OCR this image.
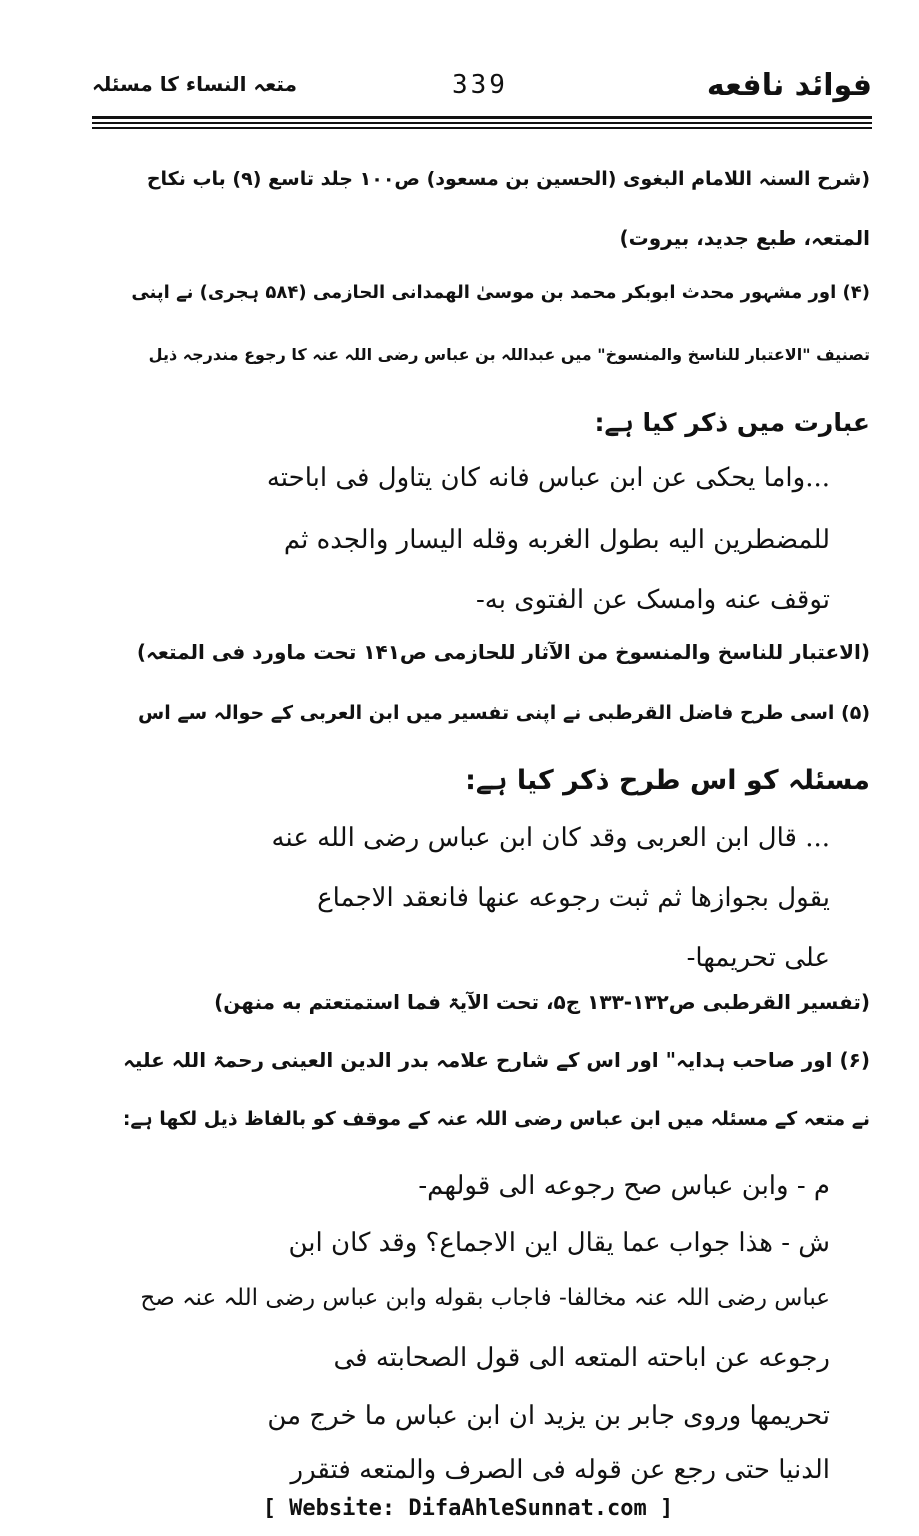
فوائد نافعه
339
متعہ النساء کا مسئلہ
(شرح السنہ اللامام البغوی (الحسین بن مسعود) ص۱۰۰ جلد تاسع (۹) باب نکاح
المتعہ، طبع جدید، بیروت)
(۴) اور مشہور محدث ابوبکر محمد بن موسیٰ الھمدانی الحازمی (۵۸۴ ہجری) نے اپنی
تصنیف "الاعتبار للناسخ والمنسوخ" میں عبداللہ بن عباس رضی اللہ عنہ کا رجوع مندرجہ ذیل
عبارت میں ذکر کیا ہے:
...واما یحکی عن ابن عباس فانه کان یتاول فی اباحته
للمضطرین الیه بطول الغربه وقله الیسار والجده ثم
توقف عنه وامسک عن الفتوی به-
(الاعتبار للناسخ والمنسوخ من الآثار للحازمی ص۱۴۱ تحت ماورد فی المتعہ)
(۵) اسی طرح فاضل القرطبی نے اپنی تفسیر میں ابن العربی کے حوالہ سے اس
مسئلہ کو اس طرح ذکر کیا ہے:
... قال ابن العربی وقد کان ابن عباس رضی الله عنه
یقول بجوازها ثم ثبت رجوعه عنها فانعقد الاجماع
علی تحریمها-
(تفسیر القرطبی ص۱۳۲-۱۳۳ ج۵، تحت الآیۃ فما استمتعتم به منھن)
(۶) اور صاحب ہدایہ" اور اس کے شارح علامہ بدر الدین العینی رحمۃ اللہ علیہ
نے متعہ کے مسئلہ میں ابن عباس رضی اللہ عنہ کے موقف کو بالفاظ ذیل لکھا ہے:
م - وابن عباس صح رجوعه الی قولهم-
ش - هذا جواب عما یقال این الاجماع؟ وقد کان ابن
عباس رضی اللہ عنہ مخالفا- فاجاب بقوله وابن عباس رضی اللہ عنہ صح
رجوعه عن اباحته المتعه الی قول الصحابته فی
تحریمها وروی جابر بن یزید ان ابن عباس ما خرج من
الدنیا حتی رجع عن قوله فی الصرف والمتعه فتقرر
[ Website: DifaAhleSunnat.com ]
